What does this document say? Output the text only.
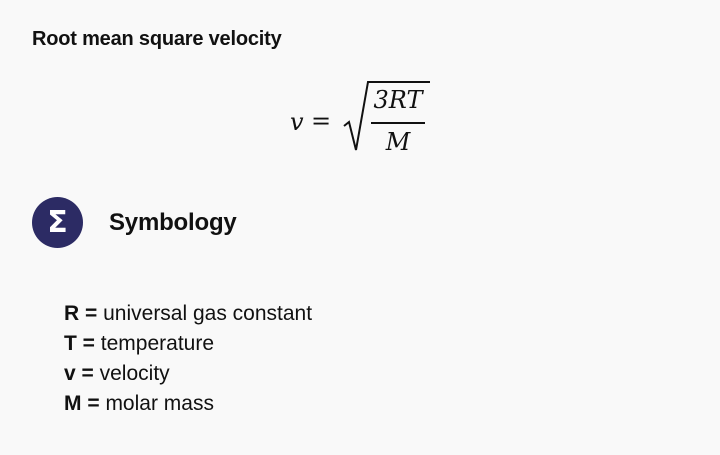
Root mean square velocity
v =
3RT
M
Σ	Symbology
R = universal gas constant
T = temperature
v = velocity
M = molar mass
